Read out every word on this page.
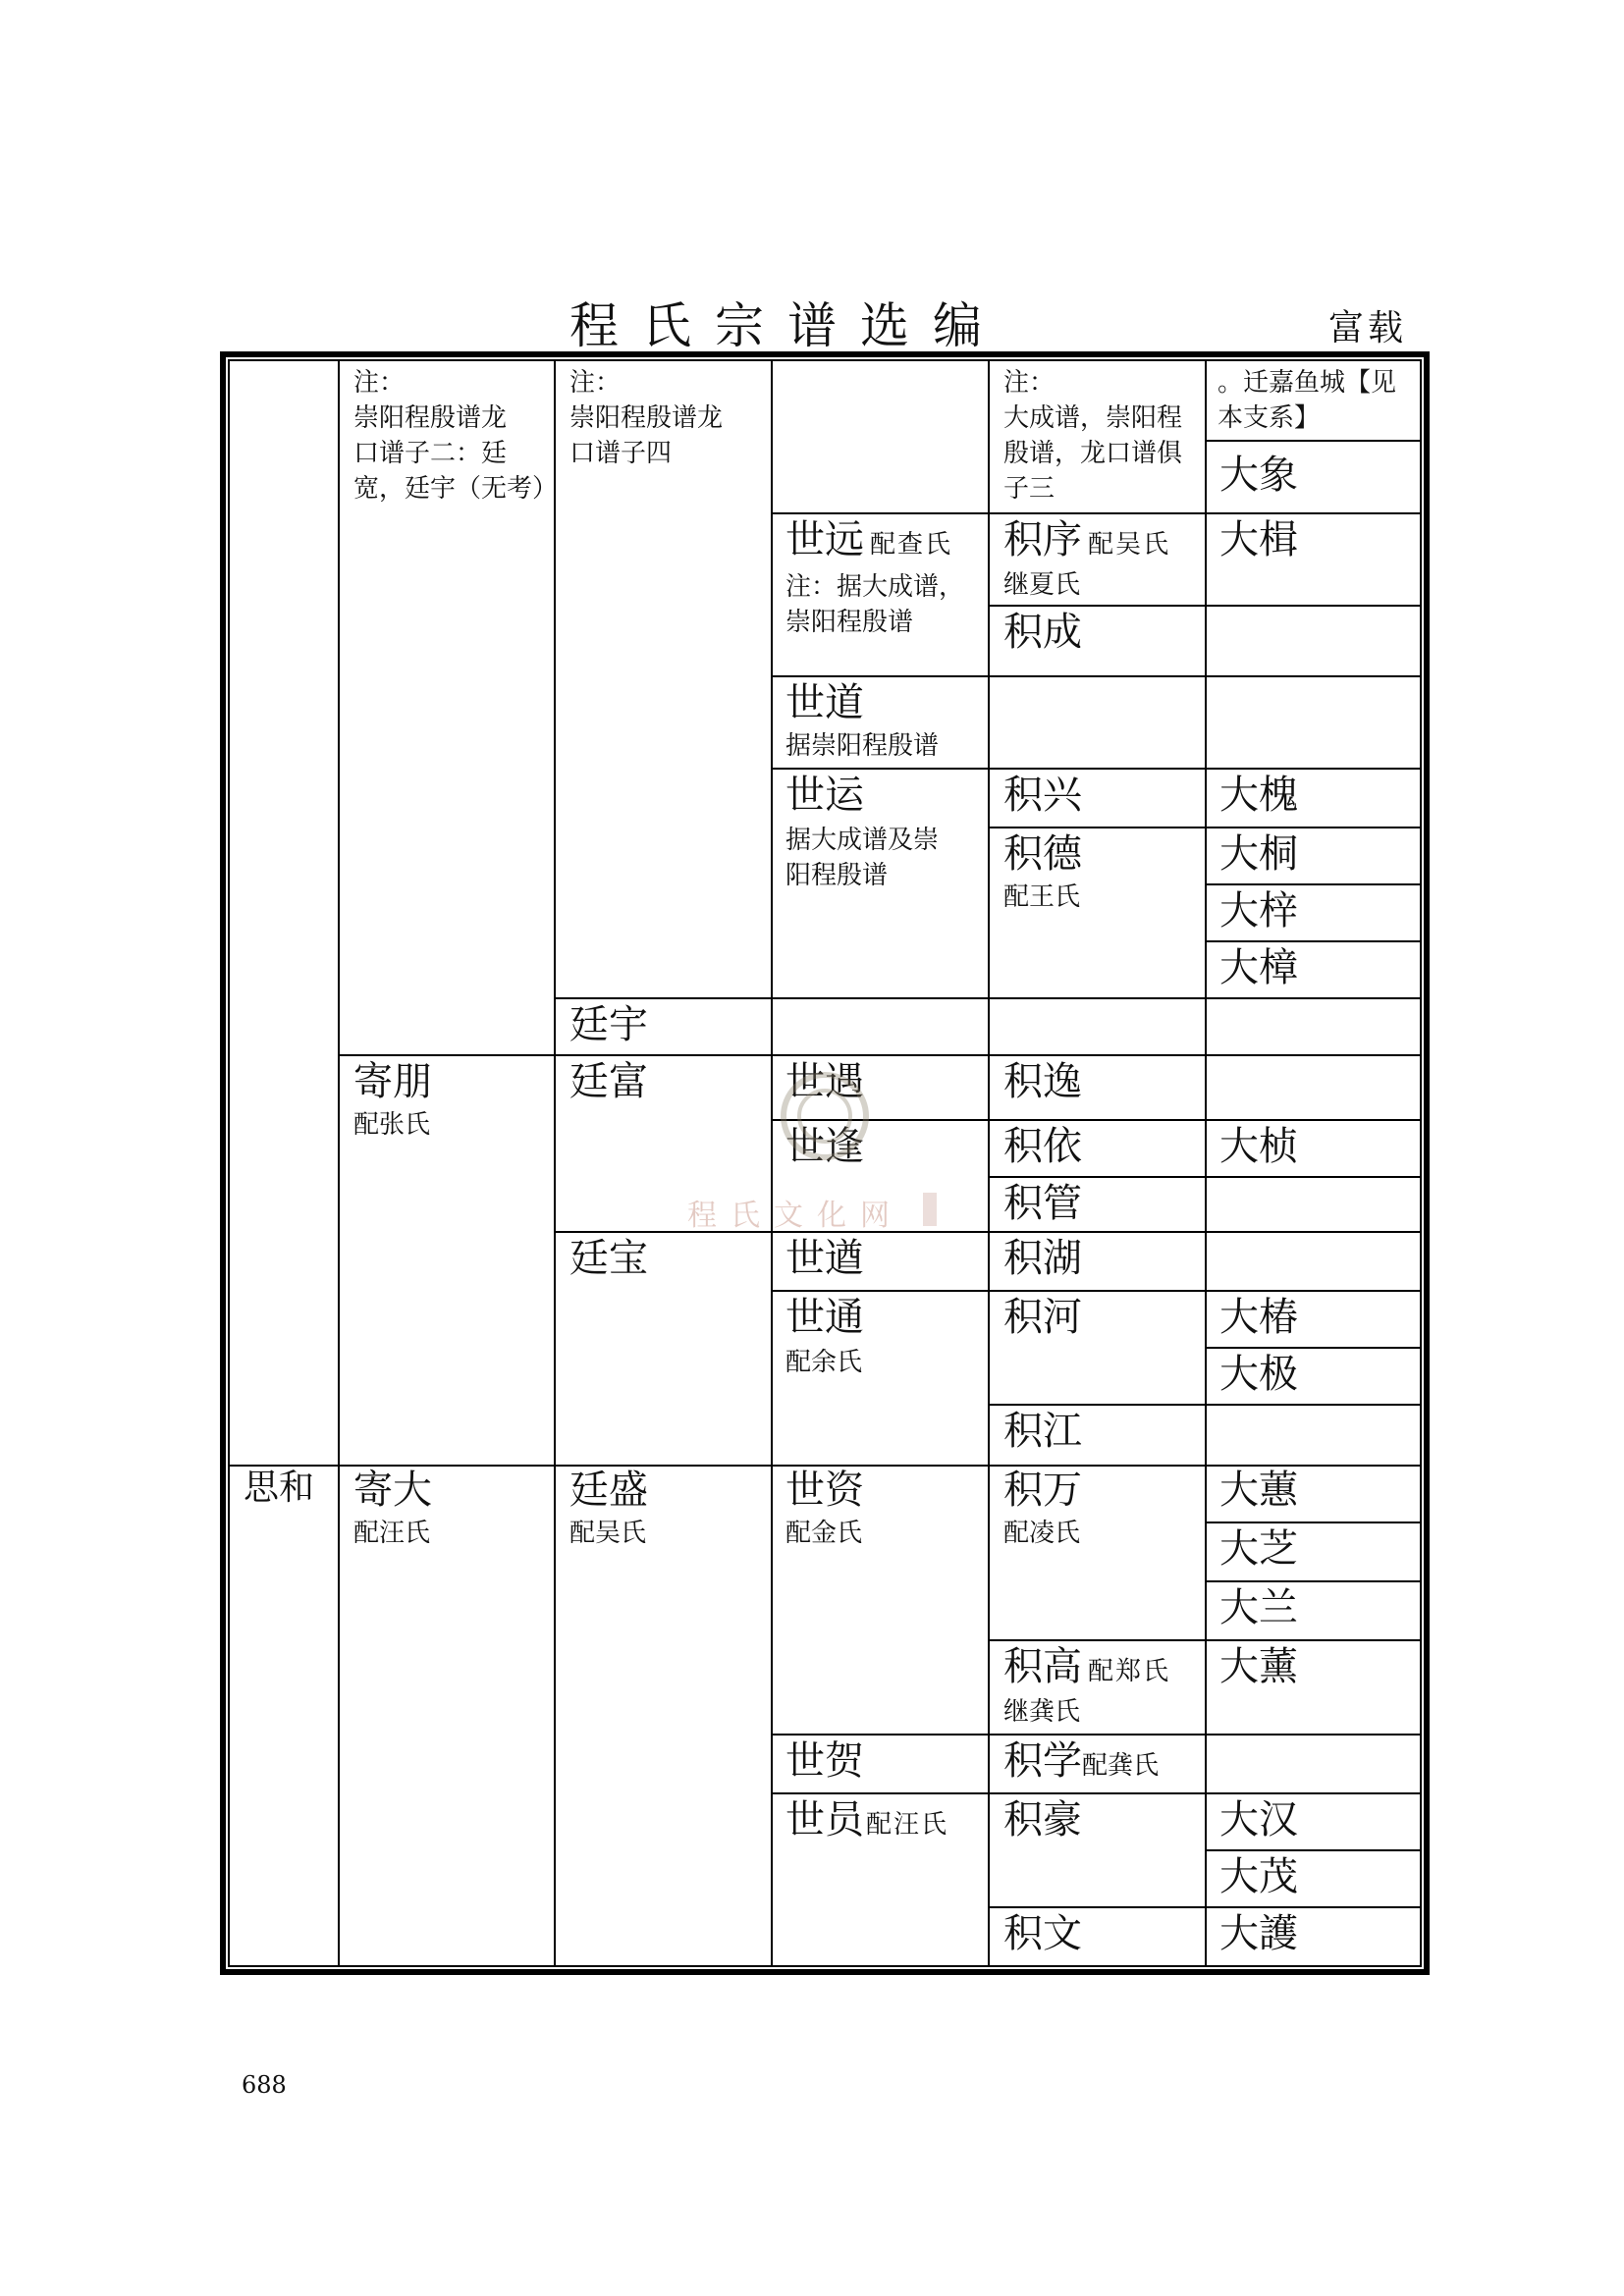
程氏宗谱选编	富载
思和
注：
崇阳程殷谱龙
口谱子二：廷
宽，廷宇（无考）
寄朋
配张氏
寄大
配汪氏
注：
崇阳程殷谱龙
口谱子四
廷宇
廷富
廷宝
廷盛
配吴氏
世远 配查氏
注：据大成谱，
崇阳程殷谱
世道
据崇阳程殷谱
世运
据大成谱及崇
阳程殷谱
世遇
世逢
世遒
世通
配余氏
世资
配金氏
世贺
世员配汪氏
注：
大成谱，崇阳程
殷谱，龙口谱俱
子三
积序 配吴氏
继夏氏
积成
积兴
积德
配王氏
积逸
积依
积管
积湖
积河
积江
积万
配凌氏
积高 配郑氏
继龚氏
积学配龚氏
积豪
积文
。迁嘉鱼城【见
本支系】
大象
大楫
大槐
大桐
大梓
大樟
大桢
大椿
大极
大蕙
大芝
大兰
大薰
大汉
大茂
大護
程氏文化网
688
